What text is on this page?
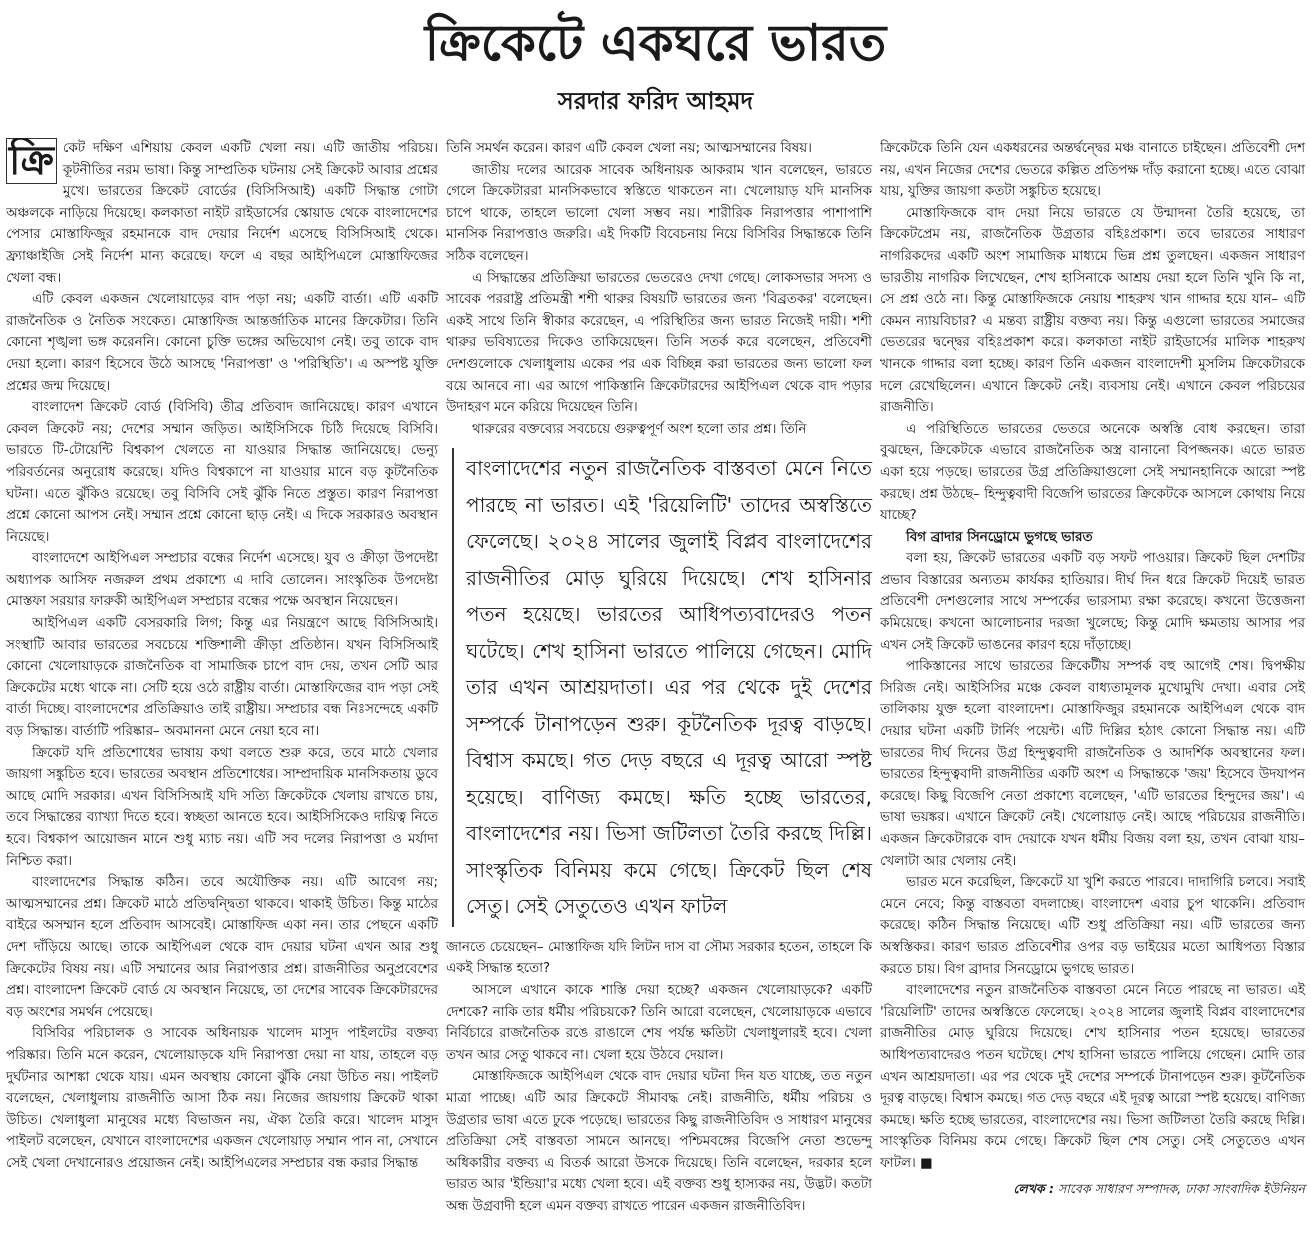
ক্রিকেটে একঘরে ভারত
সরদার ফরিদ আহমদ

ক্রি কেট দক্ষিণ এশিয়ায় কেবল একটি খেলা নয়। এটি জাতীয় পরিচয়। কূটনীতির নরম ভাষা। কিন্তু সাম্প্রতিক ঘটনায় সেই ক্রিকেট আবার প্রশ্নের মুখে। ভারতের ক্রিকেট বোর্ডের (বিসিসিআই) একটি সিদ্ধান্ত গোটা অঞ্চলকে নাড়িয়ে দিয়েছে। কলকাতা নাইট রাইডার্সের স্কোয়াড থেকে বাংলাদেশের পেসার মোস্তাফিজুর রহমানকে বাদ দেয়ার নির্দেশ এসেছে বিসিসিআই থেকে। ফ্র্যাঞ্চাইজি সেই নির্দেশ মান্য করেছে। ফলে এ বছর আইপিএলে মোস্তাফিজের খেলা বন্ধ।

এটি কেবল একজন খেলোয়াড়ের বাদ পড়া নয়; একটি বার্তা। এটি একটি রাজনৈতিক ও নৈতিক সংকেত। মোস্তাফিজ আন্তর্জাতিক মানের ক্রিকেটার। তিনি কোনো শৃঙ্খলা ভঙ্গ করেননি। কোনো চুক্তি ভঙ্গের অভিযোগ নেই। তবু তাকে বাদ দেয়া হলো। কারণ হিসেবে উঠে আসছে 'নিরাপত্তা' ও 'পরিস্থিতি'। এ অস্পষ্ট যুক্তি প্রশ্নের জন্ম দিয়েছে।

বাংলাদেশ ক্রিকেট বোর্ড (বিসিবি) তীব্র প্রতিবাদ জানিয়েছে। কারণ এখানে কেবল ক্রিকেট নয়; দেশের সম্মান জড়িত। আইসিসিকে চিঠি দিয়েছে বিসিবি। ভারতে টি-টোয়েন্টি বিশ্বকাপ খেলতে না যাওয়ার সিদ্ধান্ত জানিয়েছে। ভেন্যু পরিবর্তনের অনুরোধ করেছে। যদিও বিশ্বকাপে না যাওয়ার মানে বড় কূটনৈতিক ঘটনা। এতে ঝুঁকিও রয়েছে। তবু বিসিবি সেই ঝুঁকি নিতে প্রস্তুত। কারণ নিরাপত্তা প্রশ্নে কোনো আপস নেই। সম্মান প্রশ্নে কোনো ছাড় নেই। এ দিকে সরকারও অবস্থান নিয়েছে।

বাংলাদেশে আইপিএল সম্প্রচার বন্ধের নির্দেশ এসেছে। যুব ও ক্রীড়া উপদেষ্টা অধ্যাপক আসিফ নজরুল প্রথম প্রকাশ্যে এ দাবি তোলেন। সাংস্কৃতিক উপদেষ্টা মোস্তফা সরয়ার ফারুকী আইপিএল সম্প্রচার বন্ধের পক্ষে অবস্থান নিয়েছেন।

আইপিএল একটি বেসরকারি লিগ; কিন্তু এর নিয়ন্ত্রণে আছে বিসিসিআই। সংস্থাটি আবার ভারতের সবচেয়ে শক্তিশালী ক্রীড়া প্রতিষ্ঠান। যখন বিসিসিআই কোনো খেলোয়াড়কে রাজনৈতিক বা সামাজিক চাপে বাদ দেয়, তখন সেটি আর ক্রিকেটের মধ্যে থাকে না। সেটি হয়ে ওঠে রাষ্ট্রীয় বার্তা। মোস্তাফিজের বাদ পড়া সেই বার্তা দিচ্ছে। বাংলাদেশের প্রতিক্রিয়াও তাই রাষ্ট্রীয়। সম্প্রচার বন্ধ নিঃসন্দেহে একটি বড় সিদ্ধান্ত। বার্তাটি পরিষ্কার– অবমাননা মেনে নেয়া হবে না।

ক্রিকেট যদি প্রতিশোধের ভাষায় কথা বলতে শুরু করে, তবে মাঠে খেলার জায়গা সঙ্কুচিত হবে। ভারতের অবস্থান প্রতিশোধের। সাম্প্রদায়িক মানসিকতায় ডুবে আছে মোদি সরকার। এখন বিসিসিআই যদি সত্যি ক্রিকেটকে খেলায় রাখতে চায়, তবে সিদ্ধান্তের ব্যাখ্যা দিতে হবে। স্বচ্ছতা আনতে হবে। আইসিসিকেও দায়িত্ব নিতে হবে। বিশ্বকাপ আয়োজন মানে শুধু ম্যাচ নয়। এটি সব দলের নিরাপত্তা ও মর্যাদা নিশ্চিত করা।

বাংলাদেশের সিদ্ধান্ত কঠিন। তবে অযৌক্তিক নয়। এটি আবেগ নয়; আত্মসম্মানের প্রশ্ন। ক্রিকেট মাঠে প্রতিদ্বন্দ্বিতা থাকবে। থাকাই উচিত। কিন্তু মাঠের বাইরে অসম্মান হলে প্রতিবাদ আসবেই। মোস্তাফিজ একা নন। তার পেছনে একটি দেশ দাঁড়িয়ে আছে। তাকে আইপিএল থেকে বাদ দেয়ার ঘটনা এখন আর শুধু ক্রিকেটের বিষয় নয়। এটি সম্মানের আর নিরাপত্তার প্রশ্ন। রাজনীতির অনুপ্রবেশের প্রশ্ন। বাংলাদেশ ক্রিকেট বোর্ড যে অবস্থান নিয়েছে, তা দেশের সাবেক ক্রিকেটারদের বড় অংশের সমর্থন পেয়েছে।

বিসিবির পরিচালক ও সাবেক অধিনায়ক খালেদ মাসুদ পাইলটের বক্তব্য পরিষ্কার। তিনি মনে করেন, খেলোয়াড়কে যদি নিরাপত্তা দেয়া না যায়, তাহলে বড় দুর্ঘটনার আশঙ্কা থেকে যায়। এমন অবস্থায় কোনো ঝুঁকি নেয়া উচিত নয়। পাইলট বলেছেন, খেলাধুলায় রাজনীতি আসা ঠিক নয়। নিজের জায়গায় ক্রিকেট থাকা উচিত। খেলাধুলা মানুষের মধ্যে বিভাজন নয়, ঐক্য তৈরি করে। খালেদ মাসুদ পাইলট বলেছেন, যেখানে বাংলাদেশের একজন খেলোয়াড় সম্মান পান না, সেখানে সেই খেলা দেখানোরও প্রয়োজন নেই। আইপিএলের সম্প্রচার বন্ধ করার সিদ্ধান্ত

তিনি সমর্থন করেন। কারণ এটি কেবল খেলা নয়; আত্মসম্মানের বিষয়।

জাতীয় দলের আরেক সাবেক অধিনায়ক আকরাম খান বলেছেন, ভারতে গেলে ক্রিকেটাররা মানসিকভাবে স্বস্তিতে থাকতেন না। খেলোয়াড় যদি মানসিক চাপে থাকে, তাহলে ভালো খেলা সম্ভব নয়। শারীরিক নিরাপত্তার পাশাপাশি মানসিক নিরাপত্তাও জরুরি। এই দিকটি বিবেচনায় নিয়ে বিসিবির সিদ্ধান্তকে তিনি সঠিক বলেছেন।

এ সিদ্ধান্তের প্রতিক্রিয়া ভারতের ভেতরেও দেখা গেছে। লোকসভার সদস্য ও সাবেক পররাষ্ট্র প্রতিমন্ত্রী শশী থারুর বিষয়টি ভারতের জন্য 'বিব্রতকর' বলেছেন। একই সাথে তিনি স্বীকার করেছেন, এ পরিস্থিতির জন্য ভারত নিজেই দায়ী। শশী থারুর ভবিষ্যতের দিকেও তাকিয়েছেন। তিনি সতর্ক করে বলেছেন, প্রতিবেশী দেশগুলোকে খেলাধুলায় একের পর এক বিচ্ছিন্ন করা ভারতের জন্য ভালো ফল বয়ে আনবে না। এর আগে পাকিস্তানি ক্রিকেটারদের আইপিএল থেকে বাদ পড়ার উদাহরণ মনে করিয়ে দিয়েছেন তিনি।

থারুরের বক্তব্যের সবচেয়ে গুরুত্বপূর্ণ অংশ হলো তার প্রশ্ন। তিনি

বাংলাদেশের নতুন রাজনৈতিক বাস্তবতা মেনে নিতে পারছে না ভারত। এই 'রিয়েলিটি' তাদের অস্বস্তিতে ফেলেছে। ২০২৪ সালের জুলাই বিপ্লব বাংলাদেশের রাজনীতির মোড় ঘুরিয়ে দিয়েছে। শেখ হাসিনার পতন হয়েছে। ভারতের আধিপত্যবাদেরও পতন ঘটেছে। শেখ হাসিনা ভারতে পালিয়ে গেছেন। মোদি তার এখন আশ্রয়দাতা। এর পর থেকে দুই দেশের সম্পর্কে টানাপড়েন শুরু। কূটনৈতিক দূরত্ব বাড়ছে। বিশ্বাস কমছে। গত দেড় বছরে এ দূরত্ব আরো স্পষ্ট হয়েছে। বাণিজ্য কমছে। ক্ষতি হচ্ছে ভারতের, বাংলাদেশের নয়। ভিসা জটিলতা তৈরি করছে দিল্লি। সাংস্কৃতিক বিনিময় কমে গেছে। ক্রিকেট ছিল শেষ সেতু। সেই সেতুতেও এখন ফাটল

জানতে চেয়েছেন– মোস্তাফিজ যদি লিটন দাস বা সৌম্য সরকার হতেন, তাহলে কি একই সিদ্ধান্ত হতো?

আসলে এখানে কাকে শাস্তি দেয়া হচ্ছে? একজন খেলোয়াড়কে? একটি দেশকে? নাকি তার ধর্মীয় পরিচয়কে? তিনি আরো বলেছেন, খেলোয়াড়কে এভাবে নির্বিচারে রাজনৈতিক রঙে রাঙালে শেষ পর্যন্ত ক্ষতিটা খেলাধুলারই হবে। খেলা তখন আর সেতু থাকবে না। খেলা হয়ে উঠবে দেয়াল।

মোস্তাফিজকে আইপিএল থেকে বাদ দেয়ার ঘটনা দিন যত যাচ্ছে, তত নতুন মাত্রা পাচ্ছে। এটি আর ক্রিকেটে সীমাবদ্ধ নেই। রাজনীতি, ধর্মীয় পরিচয় ও উগ্রতার ভাষা এতে ঢুকে পড়েছে। ভারতের কিছু রাজনীতিবিদ ও সাধারণ মানুষের প্রতিক্রিয়া সেই বাস্তবতা সামনে আনছে। পশ্চিমবঙ্গের বিজেপি নেতা শুভেন্দু অধিকারীর বক্তব্য এ বিতর্ক আরো উসকে দিয়েছে। তিনি বলেছেন, দরকার হলে ভারত আর 'ইন্ডিয়া'র মধ্যে খেলা হবে। এই বক্তব্য শুধু হাস্যকর নয়, উদ্ভট। কতটা অন্ধ উগ্রবাদী হলে এমন বক্তব্য রাখতে পারেন একজন রাজনীতিবিদ।

ক্রিকেটকে তিনি যেন একধরনের অন্তর্দ্বন্দ্বের মঞ্চ বানাতে চাইছেন। প্রতিবেশী দেশ নয়, এখন নিজের দেশের ভেতরে কল্পিত প্রতিপক্ষ দাঁড় করানো হচ্ছে। এতে বোঝা যায়, যুক্তির জায়গা কতটা সঙ্কুচিত হয়েছে।

মোস্তাফিজকে বাদ দেয়া নিয়ে ভারতে যে উন্মাদনা তৈরি হয়েছে, তা ক্রিকেটপ্রেম নয়, রাজনৈতিক উগ্রতার বহিঃপ্রকাশ। তবে ভারতের সাধারণ নাগরিকদের একটি অংশ সামাজিক মাধ্যমে ভিন্ন প্রশ্ন তুলছেন। একজন সাধারণ ভারতীয় নাগরিক লিখেছেন, শেখ হাসিনাকে আশ্রয় দেয়া হলে তিনি খুনি কি না, সে প্রশ্ন ওঠে না। কিন্তু মোস্তাফিজকে নেয়ায় শাহরুখ খান গাদ্দার হয়ে যান– এটি কেমন ন্যায়বিচার? এ মন্তব্য রাষ্ট্রীয় বক্তব্য নয়। কিন্তু এগুলো ভারতের সমাজের ভেতরের দ্বন্দ্বের বহিঃপ্রকাশ করে। কলকাতা নাইট রাইডার্সের মালিক শাহরুখ খানকে গাদ্দার বলা হচ্ছে। কারণ তিনি একজন বাংলাদেশী মুসলিম ক্রিকেটারকে দলে রেখেছিলেন। এখানে ক্রিকেট নেই। ব্যবসায় নেই। এখানে কেবল পরিচয়ের রাজনীতি।

এ পরিস্থিতিতে ভারতের ভেতরে অনেকে অস্বস্তি বোধ করছেন। তারা বুঝছেন, ক্রিকেটকে এভাবে রাজনৈতিক অস্ত্র বানানো বিপজ্জনক। এতে ভারত একা হয়ে পড়ছে। ভারতের উগ্র প্রতিক্রিয়াগুলো সেই সম্মানহানিকে আরো স্পষ্ট করছে। প্রশ্ন উঠছে– হিন্দুত্ববাদী বিজেপি ভারতের ক্রিকেটকে আসলে কোথায় নিয়ে যাচ্ছে?

বিগ ব্রাদার সিনড্রোমে ভুগছে ভারত

বলা হয়, ক্রিকেট ভারতের একটি বড় সফট পাওয়ার। ক্রিকেট ছিল দেশটির প্রভাব বিস্তারের অন্যতম কার্যকর হাতিয়ার। দীর্ঘ দিন ধরে ক্রিকেট দিয়েই ভারত প্রতিবেশী দেশগুলোর সাথে সম্পর্কের ভারসাম্য রক্ষা করেছে। কখনো উত্তেজনা কমিয়েছে। কখনো আলোচনার দরজা খুলেছে; কিন্তু মোদি ক্ষমতায় আসার পর এখন সেই ক্রিকেট ভাঙনের কারণ হয়ে দাঁড়াচ্ছে।

পাকিস্তানের সাথে ভারতের ক্রিকেটীয় সম্পর্ক বহু আগেই শেষ। দ্বিপক্ষীয় সিরিজ নেই। আইসিসির মঞ্চে কেবল বাধ্যতামূলক মুখোমুখি দেখা। এবার সেই তালিকায় যুক্ত হলো বাংলাদেশ। মোস্তাফিজুর রহমানকে আইপিএল থেকে বাদ দেয়ার ঘটনা একটি টার্নিং পয়েন্ট। এটি দিল্লির হঠাৎ কোনো সিদ্ধান্ত নয়। এটি ভারতের দীর্ঘ দিনের উগ্র হিন্দুত্ববাদী রাজনৈতিক ও আদর্শিক অবস্থানের ফল। ভারতের হিন্দুত্ববাদী রাজনীতির একটি অংশ এ সিদ্ধান্তকে 'জয়' হিসেবে উদযাপন করেছে। কিছু বিজেপি নেতা প্রকাশ্যে বলেছেন, 'এটি ভারতের হিন্দুদের জয়'। এ ভাষা ভয়ঙ্কর। এখানে ক্রিকেট নেই। খেলোয়াড় নেই। আছে পরিচয়ের রাজনীতি। একজন ক্রিকেটারকে বাদ দেয়াকে যখন ধর্মীয় বিজয় বলা হয়, তখন বোঝা যায়– খেলাটা আর খেলায় নেই।

ভারত মনে করেছিল, ক্রিকেটে যা খুশি করতে পারবে। দাদাগিরি চলবে। সবাই মেনে নেবে; কিন্তু বাস্তবতা বদলাচ্ছে। বাংলাদেশ এবার চুপ থাকেনি। প্রতিবাদ করেছে। কঠিন সিদ্ধান্ত নিয়েছে। এটি শুধু প্রতিক্রিয়া নয়। এটি ভারতের জন্য অস্বস্তিকর। কারণ ভারত প্রতিবেশীর ওপর বড় ভাইয়ের মতো আধিপত্য বিস্তার করতে চায়। বিগ ব্রাদার সিনড্রোমে ভুগছে ভারত।

বাংলাদেশের নতুন রাজনৈতিক বাস্তবতা মেনে নিতে পারছে না ভারত। এই 'রিয়েলিটি' তাদের অস্বস্তিতে ফেলেছে। ২০২৪ সালের জুলাই বিপ্লব বাংলাদেশের রাজনীতির মোড় ঘুরিয়ে দিয়েছে। শেখ হাসিনার পতন হয়েছে। ভারতের আধিপত্যবাদেরও পতন ঘটেছে। শেখ হাসিনা ভারতে পালিয়ে গেছেন। মোদি তার এখন আশ্রয়দাতা। এর পর থেকে দুই দেশের সম্পর্কে টানাপড়েন শুরু। কূটনৈতিক দূরত্ব বাড়ছে। বিশ্বাস কমছে। গত দেড় বছরে এই দূরত্ব আরো স্পষ্ট হয়েছে। বাণিজ্য কমছে। ক্ষতি হচ্ছে ভারতের, বাংলাদেশের নয়। ভিসা জটিলতা তৈরি করছে দিল্লি। সাংস্কৃতিক বিনিময় কমে গেছে। ক্রিকেট ছিল শেষ সেতু। সেই সেতুতেও এখন ফাটল। ■

লেখক : সাবেক সাধারণ সম্পাদক, ঢাকা সাংবাদিক ইউনিয়ন
